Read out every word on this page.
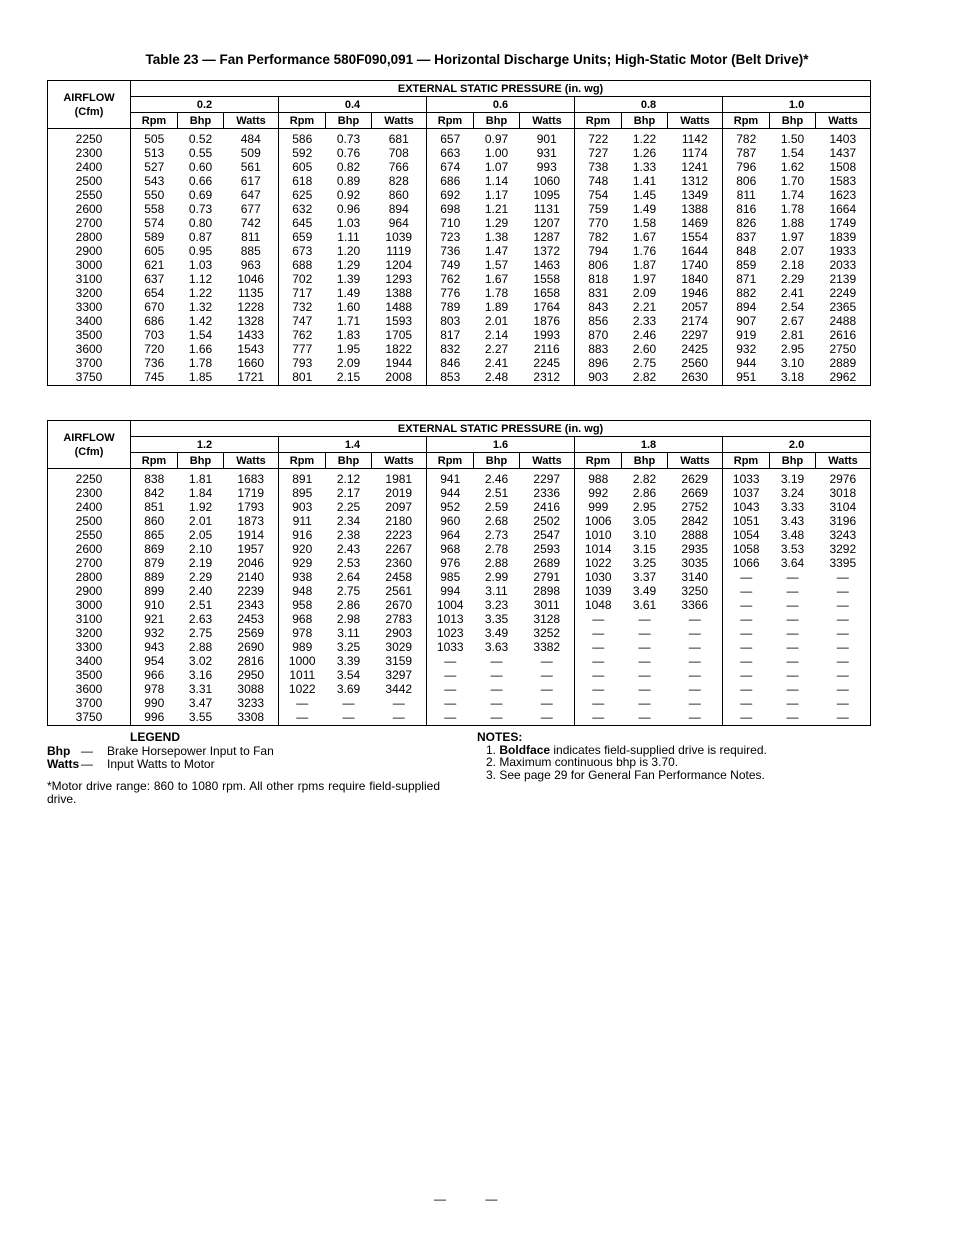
Table 23 — Fan Performance 580F090,091 — Horizontal Discharge Units; High-Static Motor (Belt Drive)*
AIRFLOW
(Cfm)	EXTERNAL STATIC PRESSURE (in. wg)														
	0.2			0.4			0.6			0.8			1.0		
	Rpm	Bhp	Watts	Rpm	Bhp	Watts	Rpm	Bhp	Watts	Rpm	Bhp	Watts	Rpm	Bhp	Watts
2250	505	0.52	484	586	0.73	681	657	0.97	901	722	1.22	1142	782	1.50	1403
2300	513	0.55	509	592	0.76	708	663	1.00	931	727	1.26	1174	787	1.54	1437
2400	527	0.60	561	605	0.82	766	674	1.07	993	738	1.33	1241	796	1.62	1508
2500	543	0.66	617	618	0.89	828	686	1.14	1060	748	1.41	1312	806	1.70	1583
2550	550	0.69	647	625	0.92	860	692	1.17	1095	754	1.45	1349	811	1.74	1623
2600	558	0.73	677	632	0.96	894	698	1.21	1131	759	1.49	1388	816	1.78	1664
2700	574	0.80	742	645	1.03	964	710	1.29	1207	770	1.58	1469	826	1.88	1749
2800	589	0.87	811	659	1.11	1039	723	1.38	1287	782	1.67	1554	837	1.97	1839
2900	605	0.95	885	673	1.20	1119	736	1.47	1372	794	1.76	1644	848	2.07	1933
3000	621	1.03	963	688	1.29	1204	749	1.57	1463	806	1.87	1740	859	2.18	2033
3100	637	1.12	1046	702	1.39	1293	762	1.67	1558	818	1.97	1840	871	2.29	2139
3200	654	1.22	1135	717	1.49	1388	776	1.78	1658	831	2.09	1946	882	2.41	2249
3300	670	1.32	1228	732	1.60	1488	789	1.89	1764	843	2.21	2057	894	2.54	2365
3400	686	1.42	1328	747	1.71	1593	803	2.01	1876	856	2.33	2174	907	2.67	2488
3500	703	1.54	1433	762	1.83	1705	817	2.14	1993	870	2.46	2297	919	2.81	2616
3600	720	1.66	1543	777	1.95	1822	832	2.27	2116	883	2.60	2425	932	2.95	2750
3700	736	1.78	1660	793	2.09	1944	846	2.41	2245	896	2.75	2560	944	3.10	2889
3750	745	1.85	1721	801	2.15	2008	853	2.48	2312	903	2.82	2630	951	3.18	2962
AIRFLOW
(Cfm)	EXTERNAL STATIC PRESSURE (in. wg)														
	1.2			1.4			1.6			1.8			2.0		
	Rpm	Bhp	Watts	Rpm	Bhp	Watts	Rpm	Bhp	Watts	Rpm	Bhp	Watts	Rpm	Bhp	Watts
2250	838	1.81	1683	891	2.12	1981	941	2.46	2297	988	2.82	2629	1033	3.19	2976
2300	842	1.84	1719	895	2.17	2019	944	2.51	2336	992	2.86	2669	1037	3.24	3018
2400	851	1.92	1793	903	2.25	2097	952	2.59	2416	999	2.95	2752	1043	3.33	3104
2500	860	2.01	1873	911	2.34	2180	960	2.68	2502	1006	3.05	2842	1051	3.43	3196
2550	865	2.05	1914	916	2.38	2223	964	2.73	2547	1010	3.10	2888	1054	3.48	3243
2600	869	2.10	1957	920	2.43	2267	968	2.78	2593	1014	3.15	2935	1058	3.53	3292
2700	879	2.19	2046	929	2.53	2360	976	2.88	2689	1022	3.25	3035	1066	3.64	3395
2800	889	2.29	2140	938	2.64	2458	985	2.99	2791	1030	3.37	3140	—	—	—
2900	899	2.40	2239	948	2.75	2561	994	3.11	2898	1039	3.49	3250	—	—	—
3000	910	2.51	2343	958	2.86	2670	1004	3.23	3011	1048	3.61	3366	—	—	—
3100	921	2.63	2453	968	2.98	2783	1013	3.35	3128	—	—	—	—	—	—
3200	932	2.75	2569	978	3.11	2903	1023	3.49	3252	—	—	—	—	—	—
3300	943	2.88	2690	989	3.25	3029	1033	3.63	3382	—	—	—	—	—	—
3400	954	3.02	2816	1000	3.39	3159	—	—	—	—	—	—	—	—	—
3500	966	3.16	2950	1011	3.54	3297	—	—	—	—	—	—	—	—	—
3600	978	3.31	3088	1022	3.69	3442	—	—	—	—	—	—	—	—	—
3700	990	3.47	3233	—	—	—	—	—	—	—	—	—	—	—	—
3750	996	3.55	3308	—	—	—	—	—	—	—	—	—	—	—	—
LEGEND
Bhp —	Brake Horsepower Input to Fan
Watts —	Input Watts to Motor
*Motor drive range: 860 to 1080 rpm. All other rpms require field-supplied drive.
NOTES:
1. Boldface indicates field-supplied drive is required.
2. Maximum continuous bhp is 3.70.
3. See page 29 for General Fan Performance Notes.
— —
